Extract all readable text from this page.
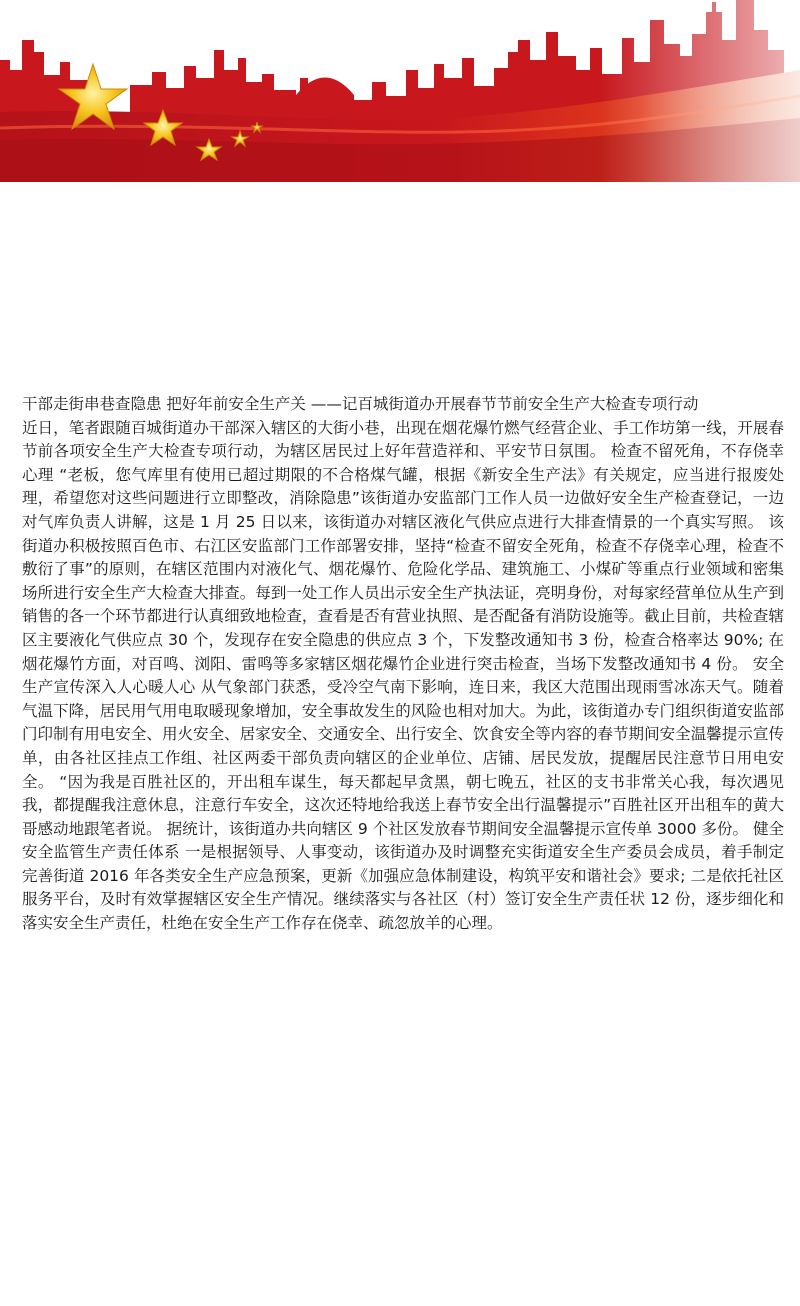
干部走街串巷查隐患 把好年前安全生产关 ——记百城街道办开展春节节前安全生产大检查专项行动

近日，笔者跟随百城街道办干部深入辖区的大街小巷，出现在烟花爆竹燃气经营企业、手工作坊第一线，开展春节前各项安全生产大检查专项行动，为辖区居民过上好年营造祥和、平安节日氛围。 检查不留死角，不存侥幸心理 “老板，您气库里有使用已超过期限的不合格煤气罐，根据《新安全生产法》有关规定，应当进行报废处理，希望您对这些问题进行立即整改，消除隐患”该街道办安监部门工作人员一边做好安全生产检查登记，一边对气库负责人讲解，这是 1 月 25 日以来，该街道办对辖区液化气供应点进行大排查情景的一个真实写照。 该街道办积极按照百色市、右江区安监部门工作部署安排，坚持“检查不留安全死角，检查不存侥幸心理，检查不敷衍了事”的原则，在辖区范围内对液化气、烟花爆竹、危险化学品、建筑施工、小煤矿等重点行业领域和密集场所进行安全生产大检查大排查。每到一处工作人员出示安全生产执法证，亮明身份，对每家经营单位从生产到销售的各一个环节都进行认真细致地检查，查看是否有营业执照、是否配备有消防设施等。截止目前，共检查辖区主要液化气供应点 30 个，发现存在安全隐患的供应点 3 个，下发整改通知书 3 份，检查合格率达 90%; 在烟花爆竹方面，对百鸣、浏阳、雷鸣等多家辖区烟花爆竹企业进行突击检查，当场下发整改通知书 4 份。 安全生产宣传深入人心暖人心 从气象部门获悉，受冷空气南下影响，连日来，我区大范围出现雨雪冰冻天气。随着气温下降，居民用气用电取暖现象增加，安全事故发生的风险也相对加大。为此，该街道办专门组织街道安监部门印制有用电安全、用火安全、居家安全、交通安全、出行安全、饮食安全等内容的春节期间安全温馨提示宣传单，由各社区挂点工作组、社区两委干部负责向辖区的企业单位、店铺、居民发放，提醒居民注意节日用电安全。 “因为我是百胜社区的，开出租车谋生，每天都起早贪黑，朝七晚五，社区的支书非常关心我，每次遇见我，都提醒我注意休息，注意行车安全，这次还特地给我送上春节安全出行温馨提示”百胜社区开出租车的黄大哥感动地跟笔者说。 据统计，该街道办共向辖区 9 个社区发放春节期间安全温馨提示宣传单 3000 多份。 健全安全监管生产责任体系 一是根据领导、人事变动，该街道办及时调整充实街道安全生产委员会成员，着手制定完善街道 2016 年各类安全生产应急预案，更新《加强应急体制建设，构筑平安和谐社会》要求; 二是依托社区服务平台，及时有效掌握辖区安全生产情况。继续落实与各社区（村）签订安全生产责任状 12 份，逐步细化和落实安全生产责任，杜绝在安全生产工作存在侥幸、疏忽放羊的心理。
